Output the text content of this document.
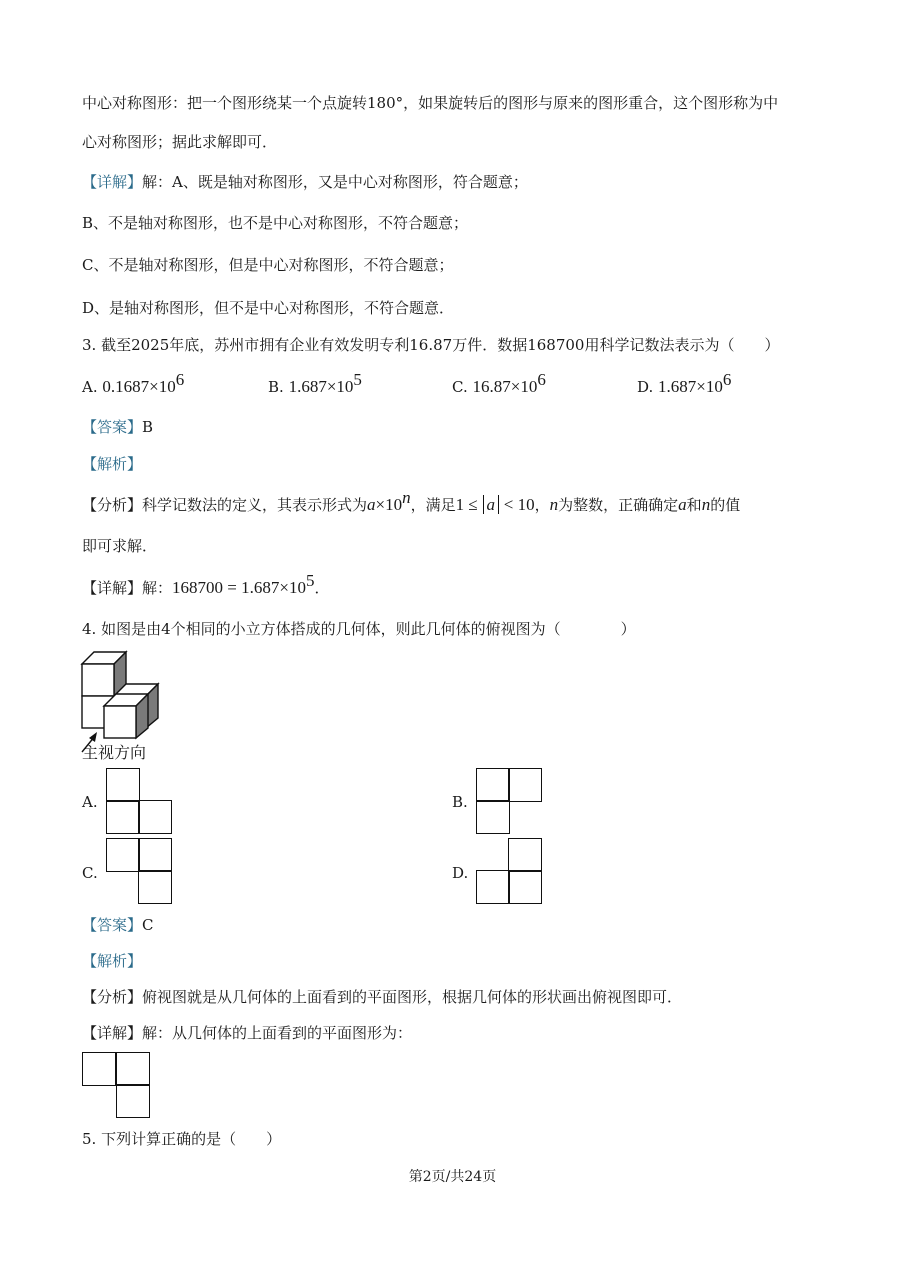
中心对称图形：把一个图形绕某一个点旋转180°，如果旋转后的图形与原来的图形重合，这个图形称为中
心对称图形；据此求解即可．
【详解】解：A、既是轴对称图形，又是中心对称图形，符合题意；
B、不是轴对称图形，也不是中心对称图形，不符合题意；
C、不是轴对称图形，但是中心对称图形，不符合题意；
D、是轴对称图形，但不是中心对称图形，不符合题意．
3. 截至2025年底，苏州市拥有企业有效发明专利16.87万件．数据168700用科学记数法表示为（　　）
A. $0.1687\times 10^6$	B. $1.687\times 10^5$	C. $16.87\times 10^6$	D. $1.687\times 10^6$
【答案】B
【解析】
【分析】科学记数法的定义，其表示形式为$a\times 10^n$，满足1 ≤ a < 10，n为整数，正确确定a和n的值
即可求解．
【详解】解：$168700 = 1.687\times 10^5$．
4. 如图是由4个相同的小立方体搭成的几何体，则此几何体的俯视图为（　　　　）
主视方向
A.	B.
C.	D.
【答案】C
【解析】
【分析】俯视图就是从几何体的上面看到的平面图形，根据几何体的形状画出俯视图即可．
【详解】解：从几何体的上面看到的平面图形为：
5. 下列计算正确的是（　　）
第2页/共24页
